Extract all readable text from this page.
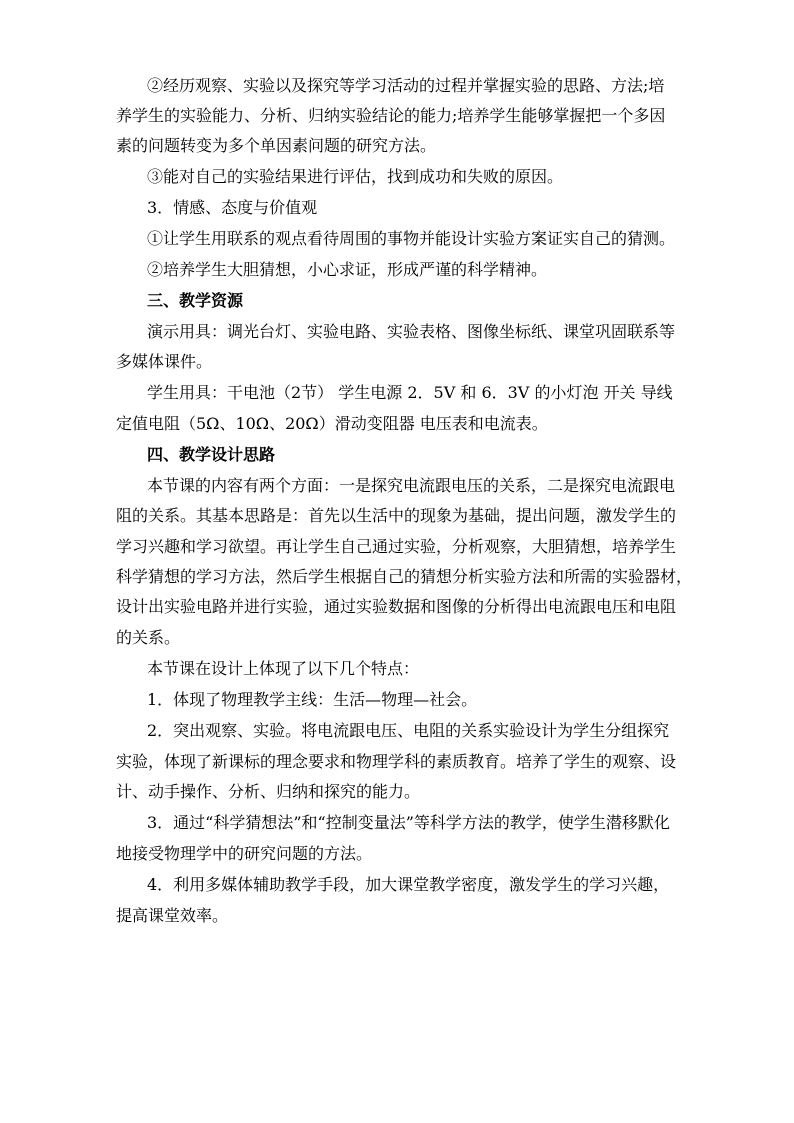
②经历观察、实验以及探究等学习活动的过程并掌握实验的思路、方法;培
养学生的实验能力、分析、归纳实验结论的能力;培养学生能够掌握把一个多因
素的问题转变为多个单因素问题的研究方法。
③能对自己的实验结果进行评估，找到成功和失败的原因。
3．情感、态度与价值观
①让学生用联系的观点看待周围的事物并能设计实验方案证实自己的猜测。
②培养学生大胆猜想，小心求证，形成严谨的科学精神。
三、教学资源
演示用具：调光台灯、实验电路、实验表格、图像坐标纸、课堂巩固联系等
多媒体课件。
学生用具：干电池（2节） 学生电源 2．5V 和 6．3V 的小灯泡 开关 导线
定值电阻（5Ω、10Ω、20Ω）滑动变阻器 电压表和电流表。
四、教学设计思路
本节课的内容有两个方面：一是探究电流跟电压的关系，二是探究电流跟电
阻的关系。其基本思路是：首先以生活中的现象为基础，提出问题，激发学生的
学习兴趣和学习欲望。再让学生自己通过实验，分析观察，大胆猜想，培养学生
科学猜想的学习方法，然后学生根据自己的猜想分析实验方法和所需的实验器材，
设计出实验电路并进行实验，通过实验数据和图像的分析得出电流跟电压和电阻
的关系。
本节课在设计上体现了以下几个特点：
1．体现了物理教学主线：生活—物理—社会。
2．突出观察、实验。将电流跟电压、电阻的关系实验设计为学生分组探究
实验，体现了新课标的理念要求和物理学科的素质教育。培养了学生的观察、设
计、动手操作、分析、归纳和探究的能力。
3．通过“科学猜想法”和“控制变量法”等科学方法的教学，使学生潜移默化
地接受物理学中的研究问题的方法。
4．利用多媒体辅助教学手段，加大课堂教学密度，激发学生的学习兴趣，
提高课堂效率。
